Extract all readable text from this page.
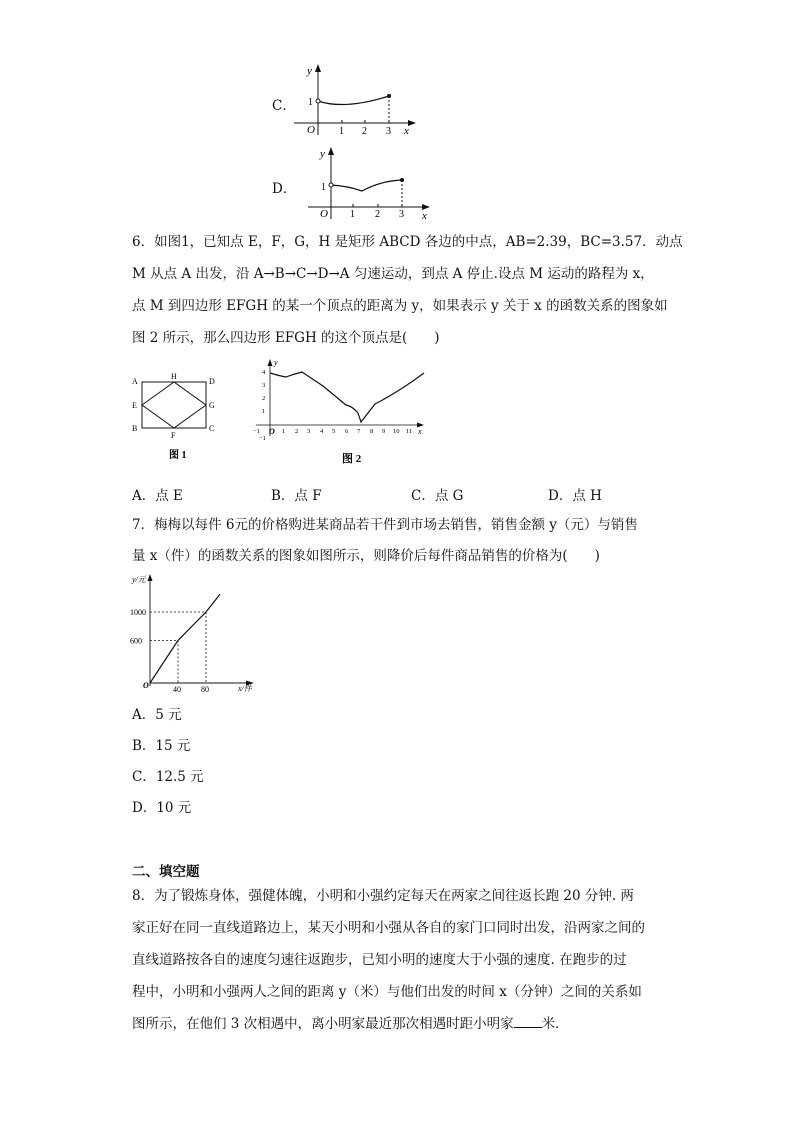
C．
y
x
O
1
1 2 3
D．
y
x
O
1
1 2 3
6．如图1，已知点 E，F，G，H 是矩形 ABCD 各边的中点，AB=2.39，BC=3.57．动点
M 从点 A 出发，沿 A→B→C→D→A 匀速运动，到点 A 停止.设点 M 运动的路程为 x，
点 M 到四边形 EFGH 的某一个顶点的距离为 y，如果表示 y 关于 x 的函数关系的图象如
图 2 所示，那么四边形 EFGH 的这个顶点是(　　)
A
B	C
D
E
F
G
H
图 1
y
x
O
4
3
2
1
−1
−1	1 2 3 4 5 6 7 8 9 10 11
图 2
A．点 E	B．点 F	C．点 G	D．点 H
7．梅梅以每件 6元的价格购进某商品若干件到市场去销售，销售金额 y（元）与销售
量 x（件）的函数关系的图象如图所示，则降价后每件商品销售的价格为(　　)
y/元
x/件
O	40	80
1000
600
A．5 元
B．15 元
C．12.5 元
D．10 元
二、填空题
8．为了锻炼身体，强健体魄，小明和小强约定每天在两家之间往返长跑 20 分钟. 两
家正好在同一直线道路边上，某天小明和小强从各自的家门口同时出发，沿两家之间的
直线道路按各自的速度匀速往返跑步，已知小明的速度大于小强的速度. 在跑步的过
程中，小明和小强两人之间的距离 y（米）与他们出发的时间 x（分钟）之间的关系如
图所示，在他们 3 次相遇中，离小明家最近那次相遇时距小明家 米．
